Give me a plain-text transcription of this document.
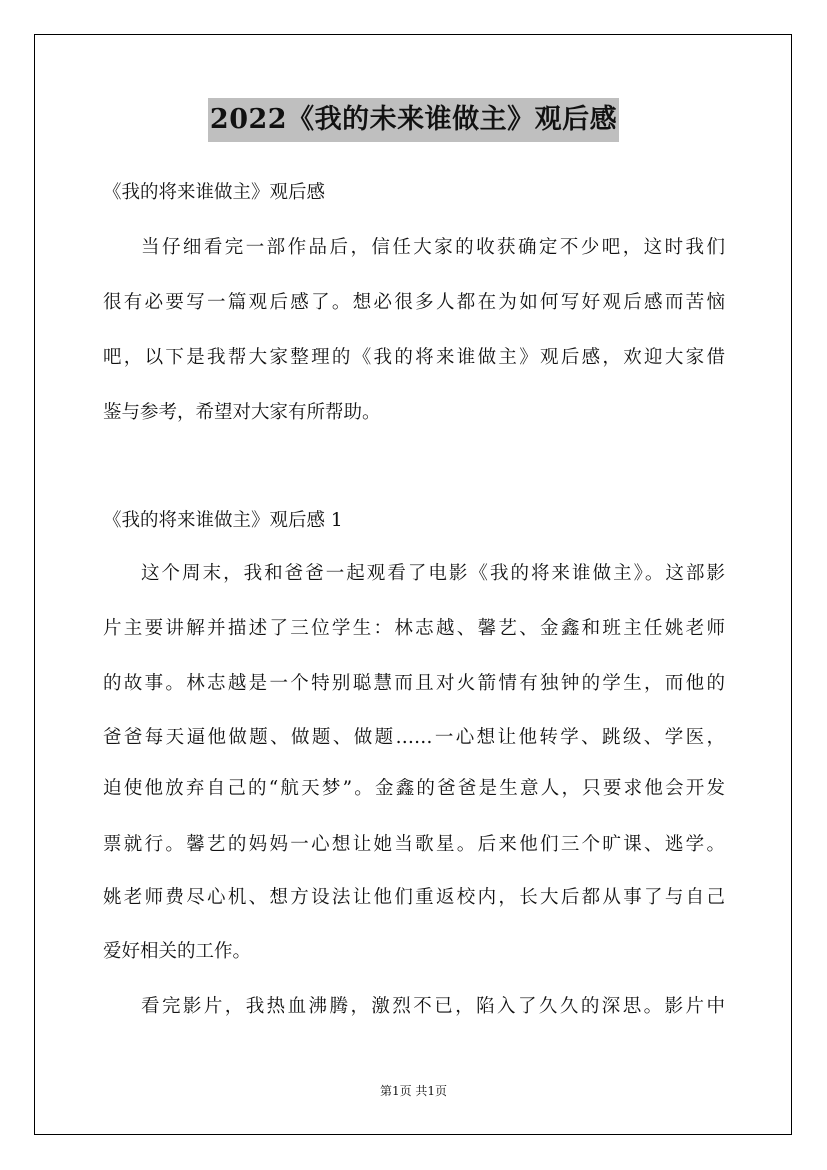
2022《我的未来谁做主》观后感
《我的将来谁做主》观后感
当仔细看完一部作品后，信任大家的收获确定不少吧，这时我们
很有必要写一篇观后感了。想必很多人都在为如何写好观后感而苦恼
吧，以下是我帮大家整理的《我的将来谁做主》观后感，欢迎大家借
鉴与参考，希望对大家有所帮助。
《我的将来谁做主》观后感 1
这个周末，我和爸爸一起观看了电影《我的将来谁做主》。这部影
片主要讲解并描述了三位学生：林志越、馨艺、金鑫和班主任姚老师
的故事。林志越是一个特别聪慧而且对火箭情有独钟的学生，而他的
爸爸每天逼他做题、做题、做题……一心想让他转学、跳级、学医，
迫使他放弃自己的“航天梦”。金鑫的爸爸是生意人，只要求他会开发
票就行。馨艺的妈妈一心想让她当歌星。后来他们三个旷课、逃学。
姚老师费尽心机、想方设法让他们重返校内，长大后都从事了与自己
爱好相关的工作。
看完影片，我热血沸腾，激烈不已，陷入了久久的深思。影片中
第1页 共1页
